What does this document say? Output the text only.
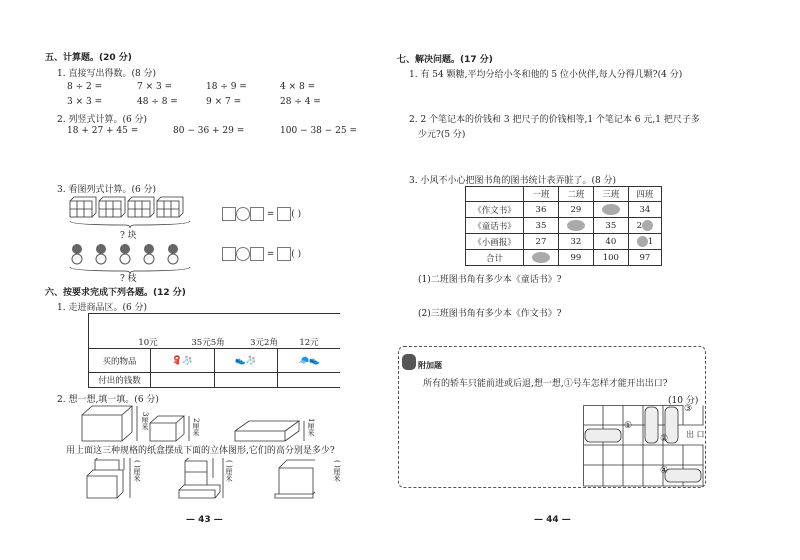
五、计算题。(20 分)
1. 直接写出得数。(8 分)
8 ÷ 2 =	7 × 3 =	18 ÷ 9 =	4 × 8 =
3 × 3 =	48 ÷ 8 =	9 × 7 =	28 ÷ 4 =
2. 列竖式计算。(6 分)
18 + 27 + 45 =	80 − 36 + 29 =	100 − 38 − 25 =
3. 看图列式计算。(6 分)
? 块
? 枝
= ( )
= ( )
六、按要求完成下列各题。(12 分)
1. 走进商品区。(6 分)
10元 35元5角 3元2角 12元			
买的物品	🧣🧦	👟🧦	🧢👟
付出的钱数			
2. 想一想,填一填。(6 分)
3厘米	2厘米	1厘米
用上面这三种规格的纸盒摆成下面的立体图形,它们的高分别是多少?
( )厘米	( )厘米	( )厘米
— 43 —
七、解决问题。(17 分)
1. 有 54 颗糖,平均分给小冬和他的 5 位小伙伴,每人分得几颗?(4 分)
2. 2 个笔记本的价钱和 3 把尺子的价钱相等,1 个笔记本 6 元,1 把尺子多
少元?(5 分)
3. 小风不小心把图书角的图书统计表弄脏了。(8 分)
	一班	二班	三班	四班
《作文书》	36	29		34
《童话书》	35		35	2
《小画报》	27	32	40	1
合计		99	100	97
(1)二班图书角有多少本《童话书》?
(2)三班图书角有多少本《作文书》?
附加题
所有的轿车只能前进或后退,想一想,①号车怎样才能开出出口?
(10 分)
①
②
③
④
出 口
— 44 —
